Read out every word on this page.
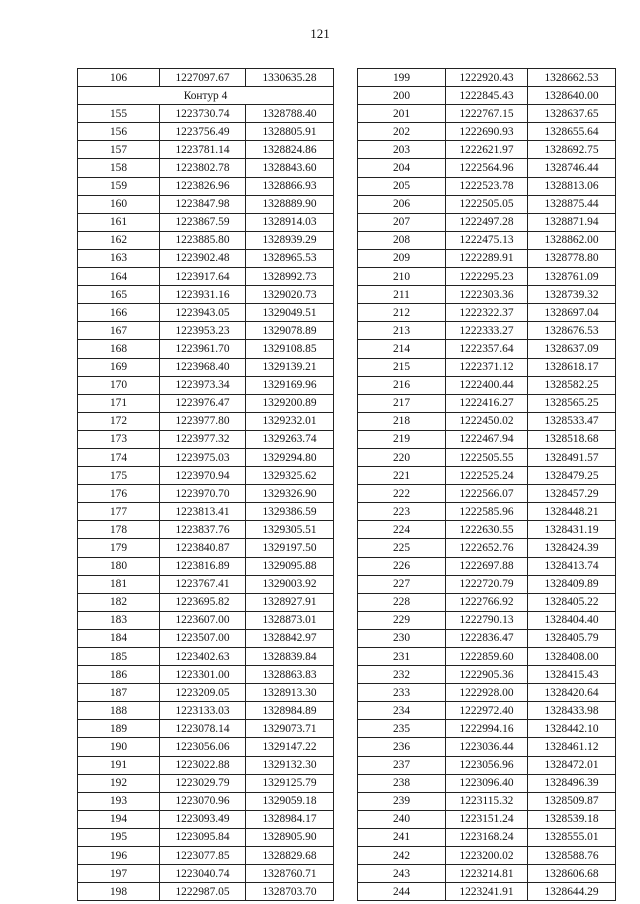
121
106	1227097.67	1330635.28
Контур 4		
155	1223730.74	1328788.40
156	1223756.49	1328805.91
157	1223781.14	1328824.86
158	1223802.78	1328843.60
159	1223826.96	1328866.93
160	1223847.98	1328889.90
161	1223867.59	1328914.03
162	1223885.80	1328939.29
163	1223902.48	1328965.53
164	1223917.64	1328992.73
165	1223931.16	1329020.73
166	1223943.05	1329049.51
167	1223953.23	1329078.89
168	1223961.70	1329108.85
169	1223968.40	1329139.21
170	1223973.34	1329169.96
171	1223976.47	1329200.89
172	1223977.80	1329232.01
173	1223977.32	1329263.74
174	1223975.03	1329294.80
175	1223970.94	1329325.62
176	1223970.70	1329326.90
177	1223813.41	1329386.59
178	1223837.76	1329305.51
179	1223840.87	1329197.50
180	1223816.89	1329095.88
181	1223767.41	1329003.92
182	1223695.82	1328927.91
183	1223607.00	1328873.01
184	1223507.00	1328842.97
185	1223402.63	1328839.84
186	1223301.00	1328863.83
187	1223209.05	1328913.30
188	1223133.03	1328984.89
189	1223078.14	1329073.71
190	1223056.06	1329147.22
191	1223022.88	1329132.30
192	1223029.79	1329125.79
193	1223070.96	1329059.18
194	1223093.49	1328984.17
195	1223095.84	1328905.90
196	1223077.85	1328829.68
197	1223040.74	1328760.71
198	1222987.05	1328703.70
199	1222920.43	1328662.53
200	1222845.43	1328640.00
201	1222767.15	1328637.65
202	1222690.93	1328655.64
203	1222621.97	1328692.75
204	1222564.96	1328746.44
205	1222523.78	1328813.06
206	1222505.05	1328875.44
207	1222497.28	1328871.94
208	1222475.13	1328862.00
209	1222289.91	1328778.80
210	1222295.23	1328761.09
211	1222303.36	1328739.32
212	1222322.37	1328697.04
213	1222333.27	1328676.53
214	1222357.64	1328637.09
215	1222371.12	1328618.17
216	1222400.44	1328582.25
217	1222416.27	1328565.25
218	1222450.02	1328533.47
219	1222467.94	1328518.68
220	1222505.55	1328491.57
221	1222525.24	1328479.25
222	1222566.07	1328457.29
223	1222585.96	1328448.21
224	1222630.55	1328431.19
225	1222652.76	1328424.39
226	1222697.88	1328413.74
227	1222720.79	1328409.89
228	1222766.92	1328405.22
229	1222790.13	1328404.40
230	1222836.47	1328405.79
231	1222859.60	1328408.00
232	1222905.36	1328415.43
233	1222928.00	1328420.64
234	1222972.40	1328433.98
235	1222994.16	1328442.10
236	1223036.44	1328461.12
237	1223056.96	1328472.01
238	1223096.40	1328496.39
239	1223115.32	1328509.87
240	1223151.24	1328539.18
241	1223168.24	1328555.01
242	1223200.02	1328588.76
243	1223214.81	1328606.68
244	1223241.91	1328644.29
